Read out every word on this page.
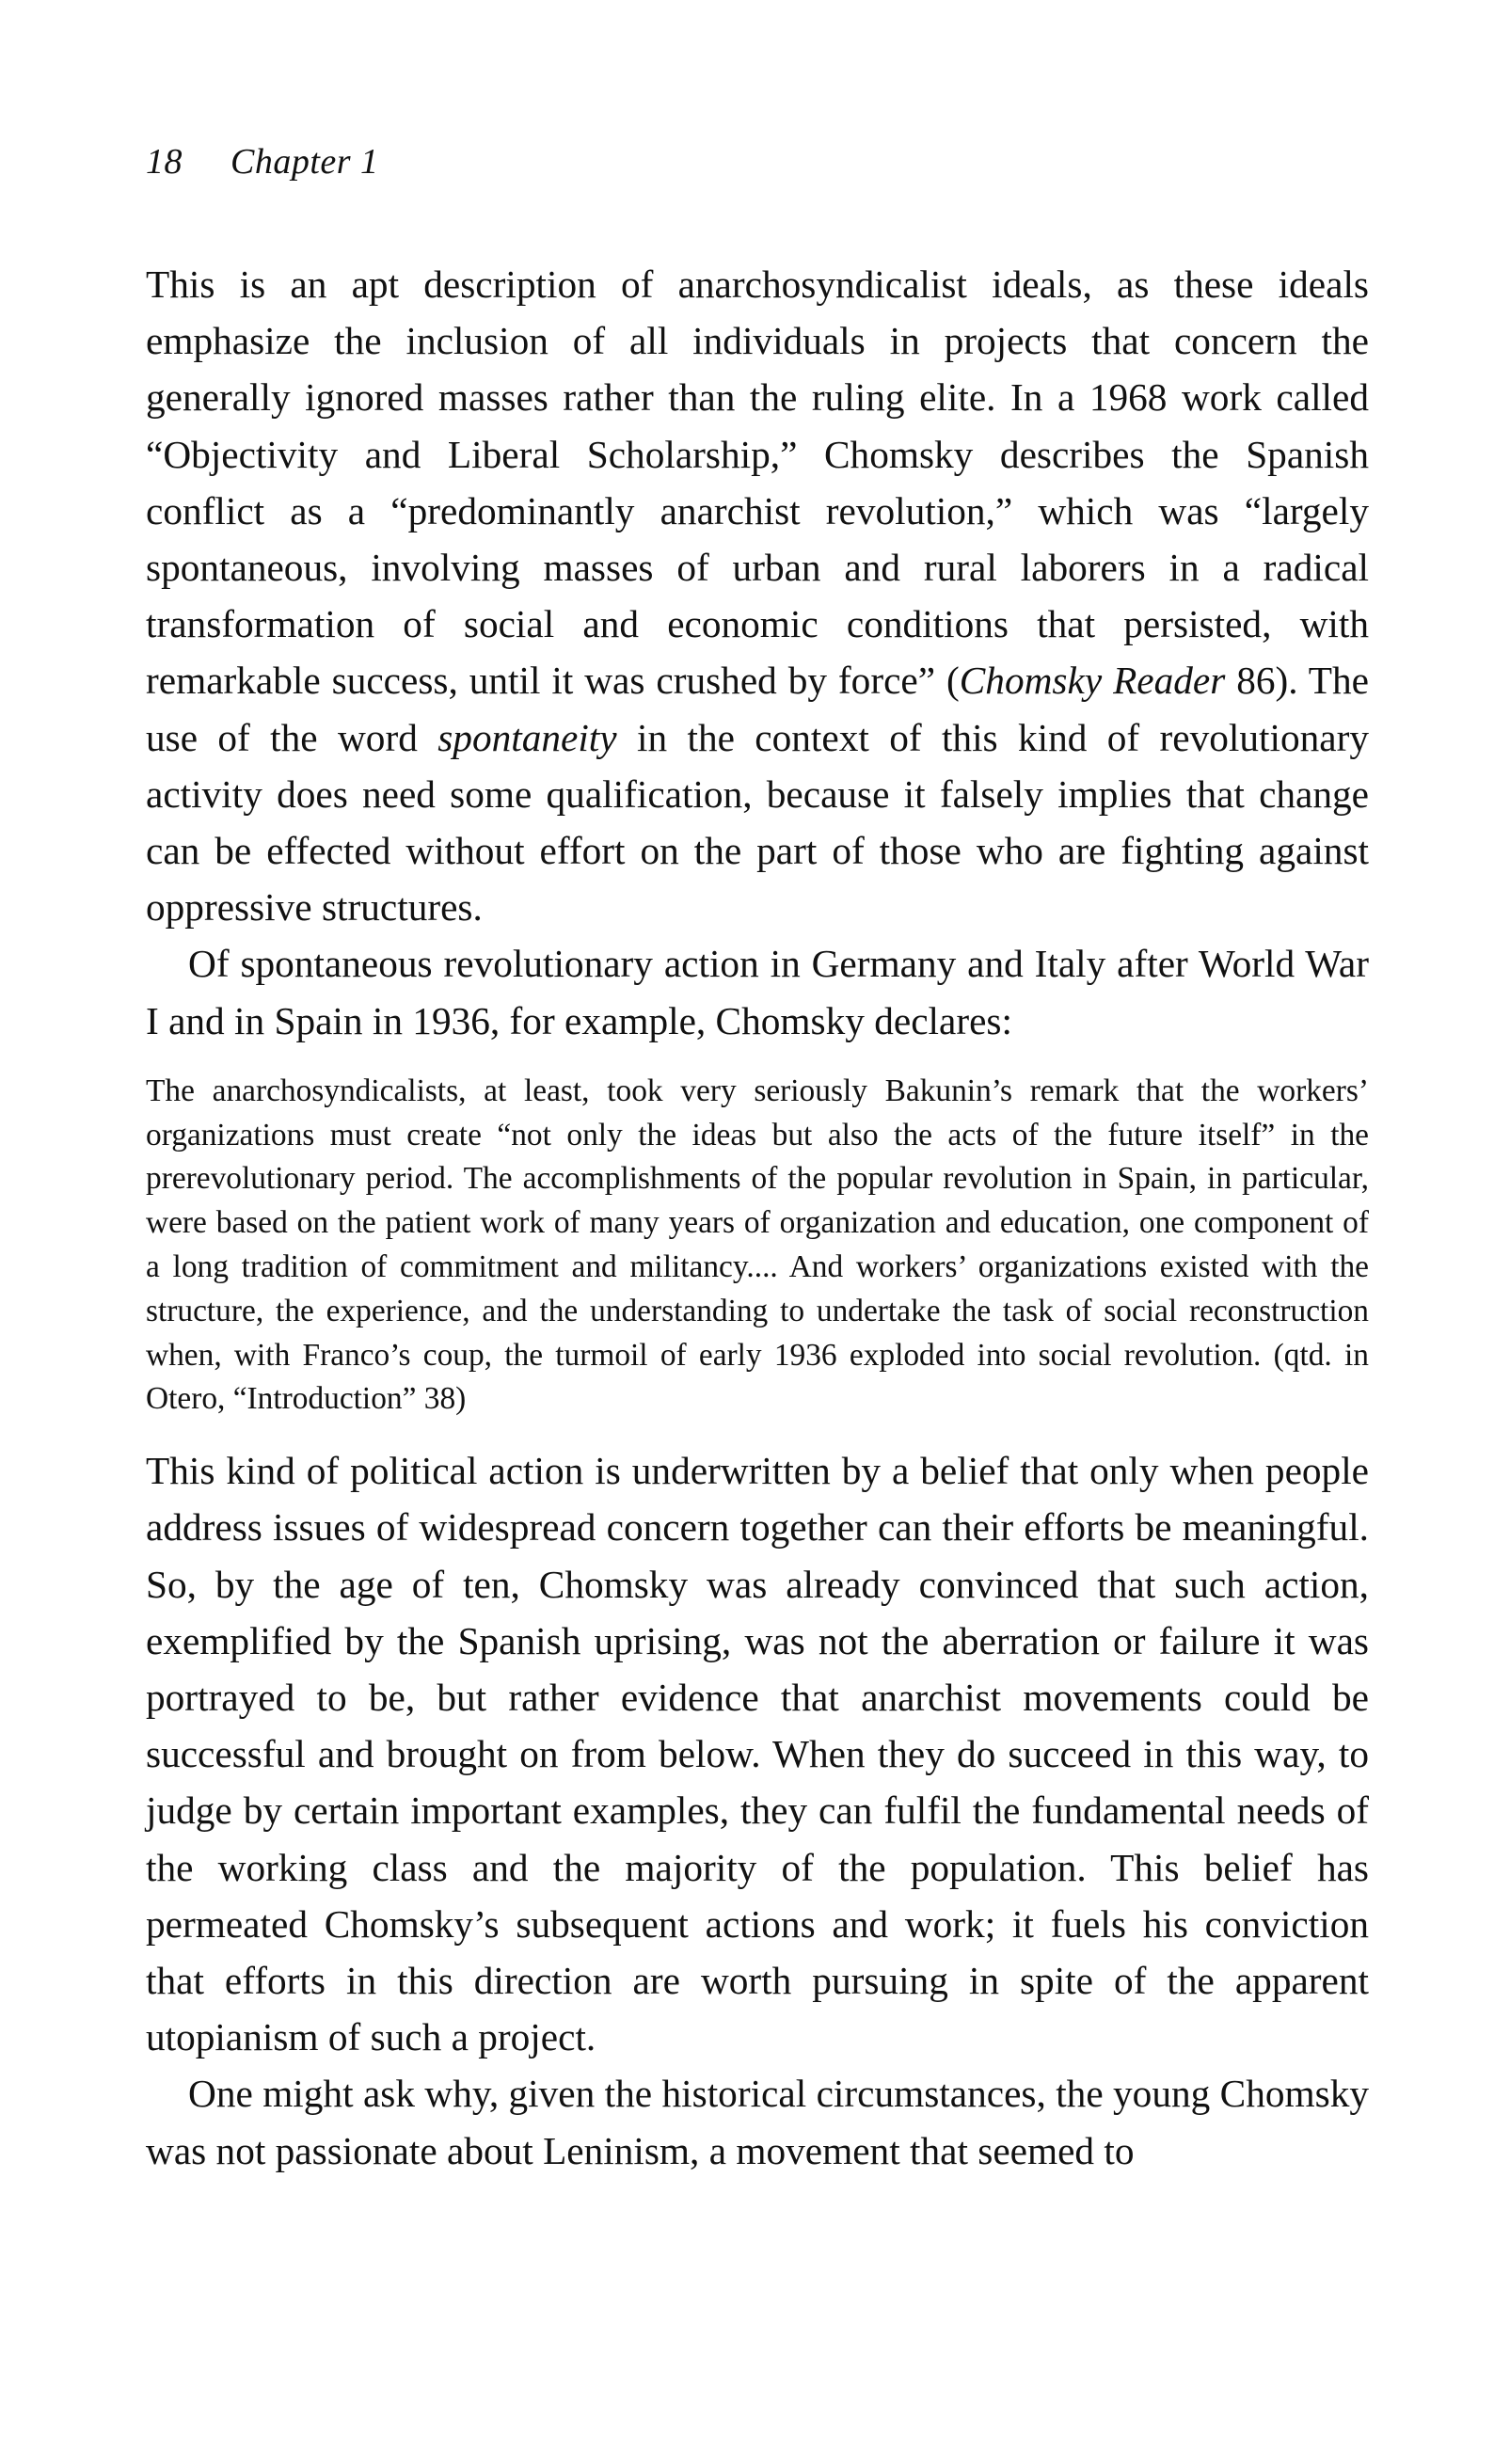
18 Chapter 1

This is an apt description of anarchosyndicalist ideals, as these ideals emphasize the inclusion of all individuals in projects that concern the generally ignored masses rather than the ruling elite. In a 1968 work called “Objectivity and Liberal Scholarship,” Chomsky describes the Spanish conflict as a “predominantly anarchist revolution,” which was “largely spontaneous, involving masses of urban and rural laborers in a radical transformation of social and economic conditions that persisted, with remarkable success, until it was crushed by force” (Chomsky Reader 86). The use of the word spontaneity in the context of this kind of revolutionary activity does need some qualification, because it falsely implies that change can be effected without effort on the part of those who are fighting against oppressive structures.

Of spontaneous revolutionary action in Germany and Italy after World War I and in Spain in 1936, for example, Chomsky declares:

The anarchosyndicalists, at least, took very seriously Bakunin’s remark that the workers’ organizations must create “not only the ideas but also the acts of the future itself” in the prerevolutionary period. The accomplishments of the popular revolution in Spain, in particular, were based on the patient work of many years of organization and education, one component of a long tradition of commitment and militancy.... And workers’ organizations existed with the structure, the experience, and the understanding to undertake the task of social reconstruction when, with Franco’s coup, the turmoil of early 1936 exploded into social revolution. (qtd. in Otero, “Introduction” 38)

This kind of political action is underwritten by a belief that only when people address issues of widespread concern together can their efforts be meaningful. So, by the age of ten, Chomsky was already convinced that such action, exemplified by the Spanish uprising, was not the aberration or failure it was portrayed to be, but rather evidence that anarchist movements could be successful and brought on from below. When they do succeed in this way, to judge by certain important examples, they can fulfil the fundamental needs of the working class and the majority of the population. This belief has permeated Chomsky’s subsequent actions and work; it fuels his conviction that efforts in this direction are worth pursuing in spite of the apparent utopianism of such a project.

One might ask why, given the historical circumstances, the young Chomsky was not passionate about Leninism, a movement that seemed to
